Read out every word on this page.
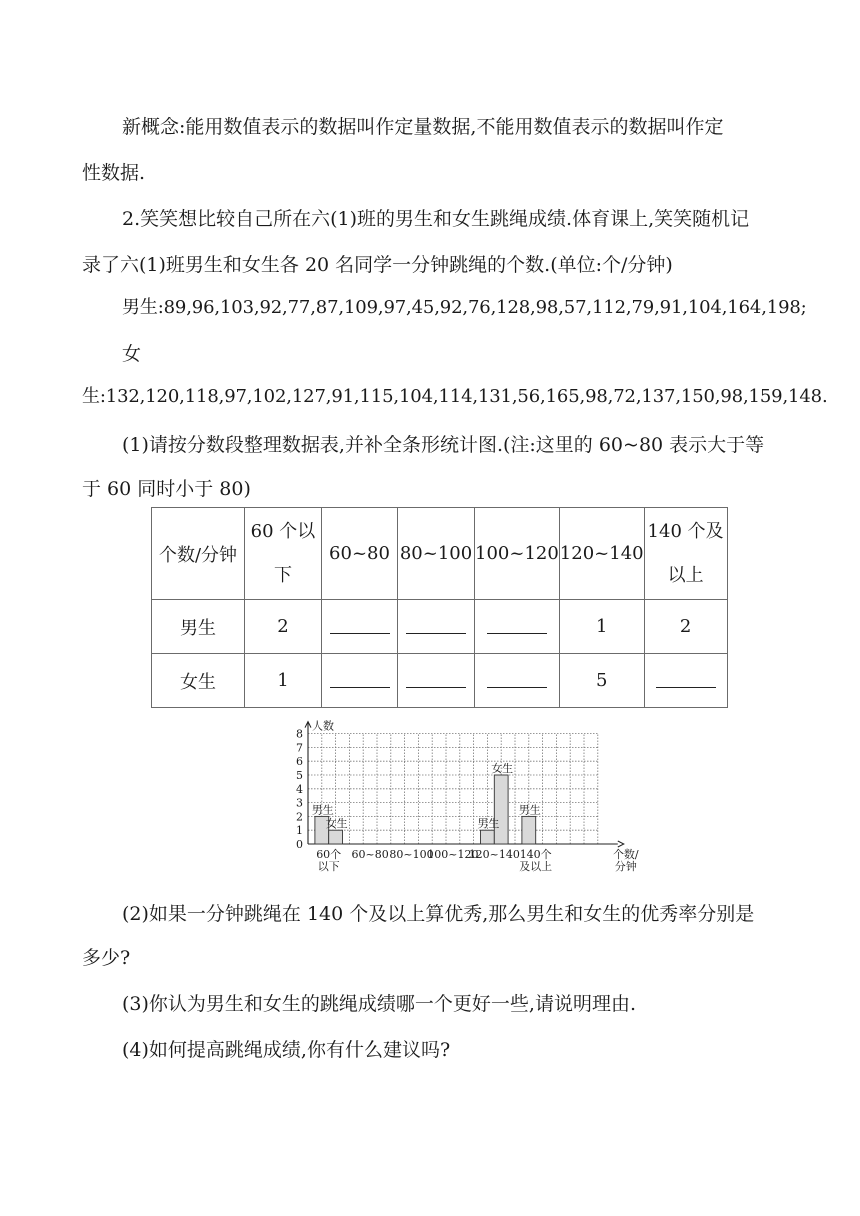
新概念:能用数值表示的数据叫作定量数据,不能用数值表示的数据叫作定
性数据.
2.笑笑想比较自己所在六(1)班的男生和女生跳绳成绩.体育课上,笑笑随机记
录了六(1)班男生和女生各 20 名同学一分钟跳绳的个数.(单位:个/分钟)
男生:89,96,103,92,77,87,109,97,45,92,76,128,98,57,112,79,91,104,164,198;
女
生:132,120,118,97,102,127,91,115,104,114,131,56,165,98,72,137,150,98,159,148.
(1)请按分数段整理数据表,并补全条形统计图.(注:这里的 60~80 表示大于等
于 60 同时小于 80)
个数/分钟	60 个以
下	60~80	80~100	100~120	120~140	140 个及
以上
男生	2				1	2
女生	1				5	
0
1
2
3
4
5
6
7
8
人数
男生
女生	男生
女生
男生
60个
以下
60~80 80~100
100~120
120~140 140个
及以上
个数/
分钟
(2)如果一分钟跳绳在 140 个及以上算优秀,那么男生和女生的优秀率分别是
多少?
(3)你认为男生和女生的跳绳成绩哪一个更好一些,请说明理由.
(4)如何提高跳绳成绩,你有什么建议吗?
